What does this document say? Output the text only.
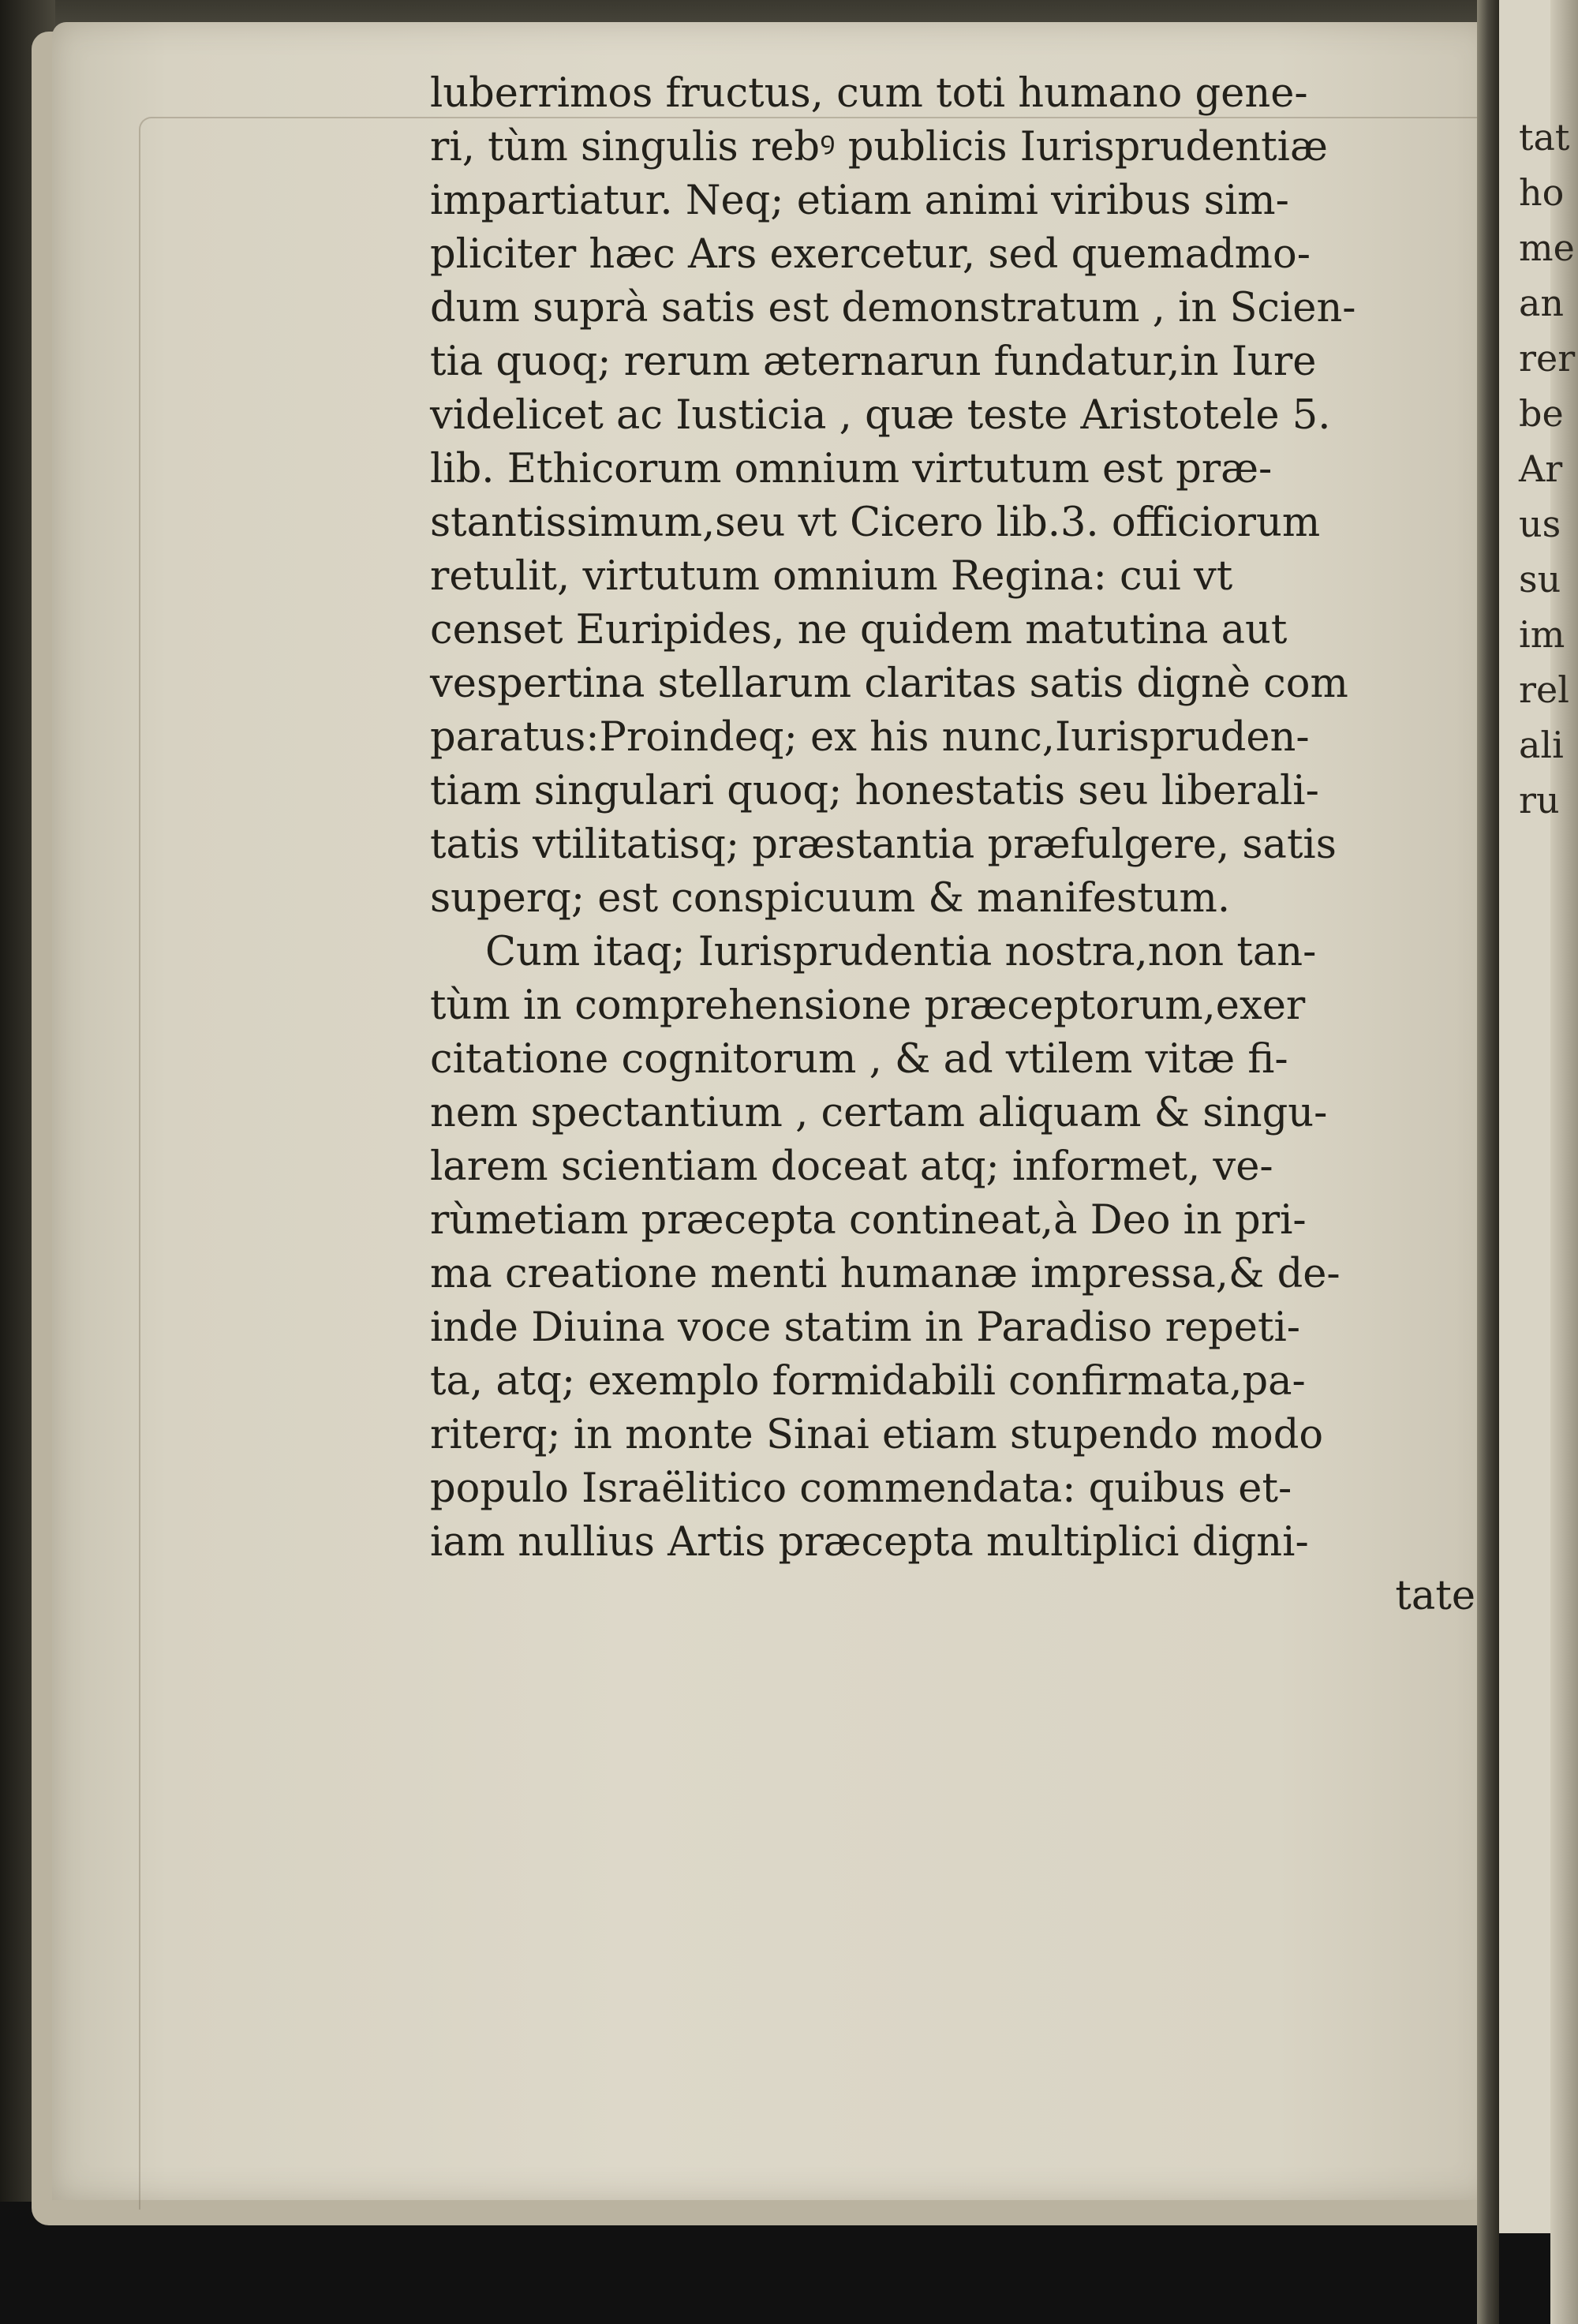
luberrimos fructus, cum toti humano gene-
ri, tùm singulis rebꝰ publicis Iurisprudentiæ
impartiatur. Neq; etiam animi viribus sim-
pliciter hæc Ars exercetur, sed quemadmo-
dum suprà satis est demonstratum , in Scien-
tia quoq; rerum æternarun fundatur,in Iure
videlicet ac Iusticia , quæ teste Aristotele 5.
lib. Ethicorum omnium virtutum est præ-
stantissimum,seu vt Cicero lib.3. officiorum
retulit, virtutum omnium Regina: cui vt
censet Euripides, ne quidem matutina aut
vespertina stellarum claritas satis dignè com
paratus:Proindeq; ex his nunc,Iurispruden-
tiam singulari quoq; honestatis seu liberali-
tatis vtilitatisq; præstantia præfulgere, satis
superq; est conspicuum & manifestum.
Cum itaq; Iurisprudentia nostra,non tan-
tùm in comprehensione præceptorum,exer
citatione cognitorum , & ad vtilem vitæ fi-
nem spectantium , certam aliquam & singu-
larem scientiam doceat atq; informet, ve-
rùmetiam præcepta contineat,à Deo in pri-
ma creatione menti humanæ impressa,& de-
inde Diuina voce statim in Paradiso repeti-
ta, atq; exemplo formidabili confirmata,pa-
riterq; in monte Sinai etiam stupendo modo
populo Israëlitico commendata: quibus et-
iam nullius Artis præcepta multiplici digni-
tate
tat
ho
me
an
rer
be
Ar
us
su
im
rel
ali
ru
